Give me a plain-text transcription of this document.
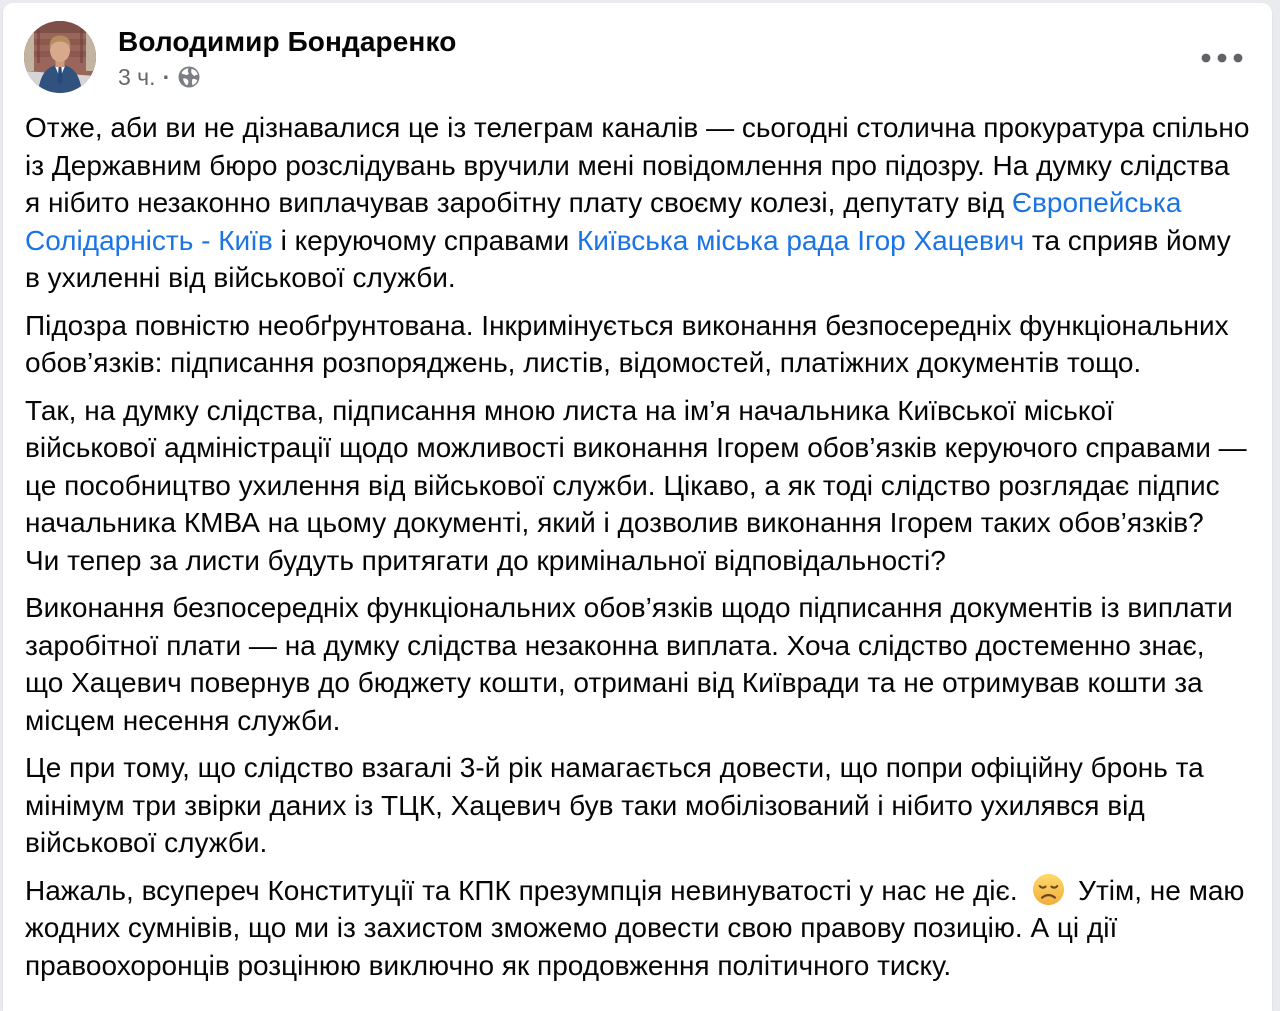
Володимир Бондаренко
3 ч. ·
Отже, аби ви не дізнавалися це із телеграм каналів — сьогодні столична прокуратура спільно із Державним бюро розслідувань вручили мені повідомлення про підозру. На думку слідства я нібито незаконно виплачував заробітну плату своєму колезі, депутату від Європейська Солідарність - Київ і керуючому справами Київська міська рада Ігор Хацевич та сприяв йому в ухиленні від військової служби.
Підозра повністю необґрунтована. Інкримінується виконання безпосередніх функціональних обов’язків: підписання розпоряджень, листів, відомостей, платіжних документів тощо.
Так, на думку слідства, підписання мною листа на ім’я начальника Київської міської військової адміністрації щодо можливості виконання Ігорем обов’язків керуючого справами — це пособництво ухилення від військової служби. Цікаво, а як тоді слідство розглядає підпис начальника КМВА на цьому документі, який і дозволив виконання Ігорем таких обов’язків?
Чи тепер за листи будуть притягати до кримінальної відповідальності?
Виконання безпосередніх функціональних обов’язків щодо підписання документів із виплати заробітної плати — на думку слідства незаконна виплата. Хоча слідство достеменно знає, що Хацевич повернув до бюджету кошти, отримані від Київради та не отримував кошти за місцем несення служби.
Це при тому, що слідство взагалі 3-й рік намагається довести, що попри офіційну бронь та мінімум три звірки даних із ТЦК, Хацевич був таки мобілізований і нібито ухилявся від військової служби.
Нажаль, всупереч Конституції та КПК презумпція невинуватості у нас не діє.
Утім, не маю жодних сумнівів, що ми із захистом зможемо довести свою правову позицію. А ці дії правоохоронців розцінюю виключно як продовження політичного тиску.
